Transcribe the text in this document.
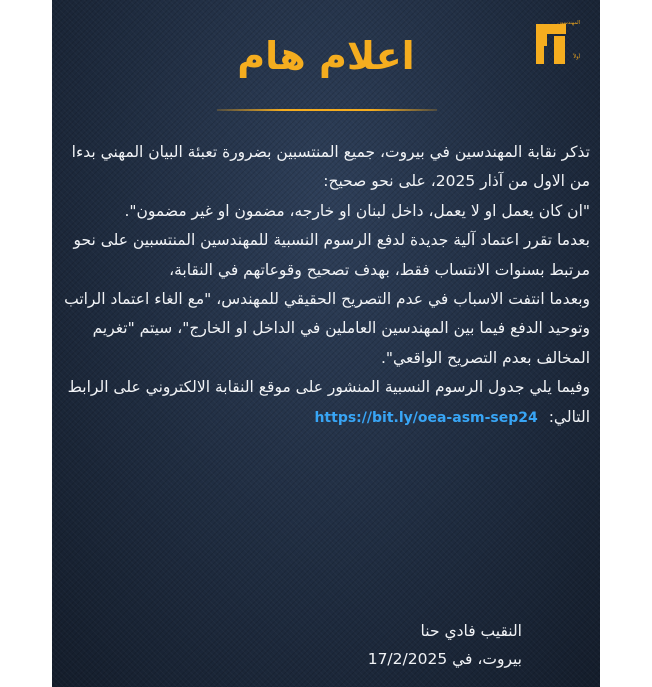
المهندسون
أولاً
اعلام هام

تذكر نقابة المهندسين في بيروت، جميع المنتسبين بضرورة تعبئة البيان المهني بدءا من الاول من آذار 2025، على نحو صحيح:

"ان كان يعمل او لا يعمل، داخل لبنان او خارجه، مضمون او غير مضمون".

بعدما تقرر اعتماد آلية جديدة لدفع الرسوم النسبية للمهندسين المنتسبين على نحو مرتبط بسنوات الانتساب فقط، بهدف تصحيح وقوعاتهم في النقابة،

وبعدما انتفت الاسباب في عدم التصريح الحقيقي للمهندس، "مع الغاء اعتماد الراتب وتوحيد الدفع فيما بين المهندسين العاملين في الداخل او الخارج"، سيتم "تغريم المخالف بعدم التصريح الواقعي".

وفيما يلي جدول الرسوم النسبية المنشور على موقع النقابة الالكتروني على الرابط التالي: https://bit.ly/oea-asm-sep24

النقيب فادي حنا
بيروت، في 17/2/2025
